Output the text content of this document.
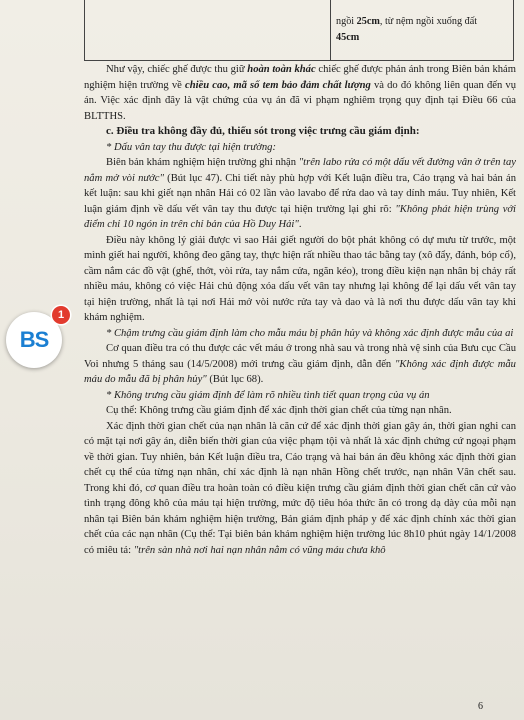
ngồi 25cm, từ nệm ngồi xuống đất
45cm

Như vậy, chiếc ghế được thu giữ hoàn toàn khác chiếc ghế được phản ánh trong Biên bản khám nghiệm hiện trường về chiều cao, mã số tem bảo đảm chất lượng và do đó không liên quan đến vụ án. Việc xác định đây là vật chứng của vụ án đã vi phạm nghiêm trọng quy định tại Điều 66 của BLTTHS.

c. Điều tra không đầy đủ, thiếu sót trong việc trưng cầu giám định:

* Dấu vân tay thu được tại hiện trường:

Biên bản khám nghiệm hiện trường ghi nhận "trên labo rửa có một dấu vết đường vân ở trên tay nắm mở vòi nước" (Bút lục 47). Chi tiết này phù hợp với Kết luận điều tra, Cáo trạng và hai bản án kết luận: sau khi giết nạn nhân Hải có 02 lần vào lavabo để rửa dao và tay dính máu. Tuy nhiên, Kết luận giám định về dấu vết vân tay thu được tại hiện trường lại ghi rõ: "Không phát hiện trùng với điểm chỉ 10 ngón in trên chỉ bản của Hồ Duy Hải".

Điều này không lý giải được vì sao Hải giết người do bột phát không có dự mưu từ trước, một mình giết hai người, không đeo găng tay, thực hiện rất nhiều thao tác bằng tay (xô đẩy, đánh, bóp cổ), cầm nắm các đồ vật (ghế, thớt, vòi rửa, tay nắm cửa, ngăn kéo), trong điều kiện nạn nhân bị chảy rất nhiều máu, không có việc Hải chủ động xóa dấu vết vân tay nhưng lại không để lại dấu vết vân tay tại hiện trường, nhất là tại nơi Hải mở vòi nước rửa tay và dao và là nơi thu được dấu vân tay khi khám nghiệm.

* Chậm trưng cầu giám định làm cho mẫu máu bị phân hủy và không xác định được mẫu của ai

Cơ quan điều tra có thu được các vết máu ở trong nhà sau và trong nhà vệ sinh của Bưu cục Cầu Voi nhưng 5 tháng sau (14/5/2008) mới trưng cầu giám định, dẫn đến "Không xác định được mẫu máu do mẫu đã bị phân hủy" (Bút lục 68).

* Không trưng cầu giám định để làm rõ nhiều tình tiết quan trọng của vụ án

Cụ thể: Không trưng cầu giám định để xác định thời gian chết của từng nạn nhân.

Xác định thời gian chết của nạn nhân là căn cứ để xác định thời gian gây án, thời gian nghi can có mặt tại nơi gây án, diễn biến thời gian của việc phạm tội và nhất là xác định chứng cứ ngoại phạm về thời gian. Tuy nhiên, bản Kết luận điều tra, Cáo trạng và hai bản án đều không xác định thời gian chết cụ thể của từng nạn nhân, chỉ xác định là nạn nhân Hồng chết trước, nạn nhân Vân chết sau. Trong khi đó, cơ quan điều tra hoàn toàn có điều kiện trưng cầu giám định thời gian chết căn cứ vào tình trạng đông khô của máu tại hiện trường, mức độ tiêu hóa thức ăn có trong dạ dày của mỗi nạn nhân tại Biên bản khám nghiệm hiện trường, Bản giám định pháp y để xác định chính xác thời gian chết của các nạn nhân (Cụ thể: Tại biên bản khám nghiệm hiện trường lúc 8h10 phút ngày 14/1/2008 có miêu tả: "trên sàn nhà nơi hai nạn nhân nằm có vũng máu chưa khô

6
BS
1
